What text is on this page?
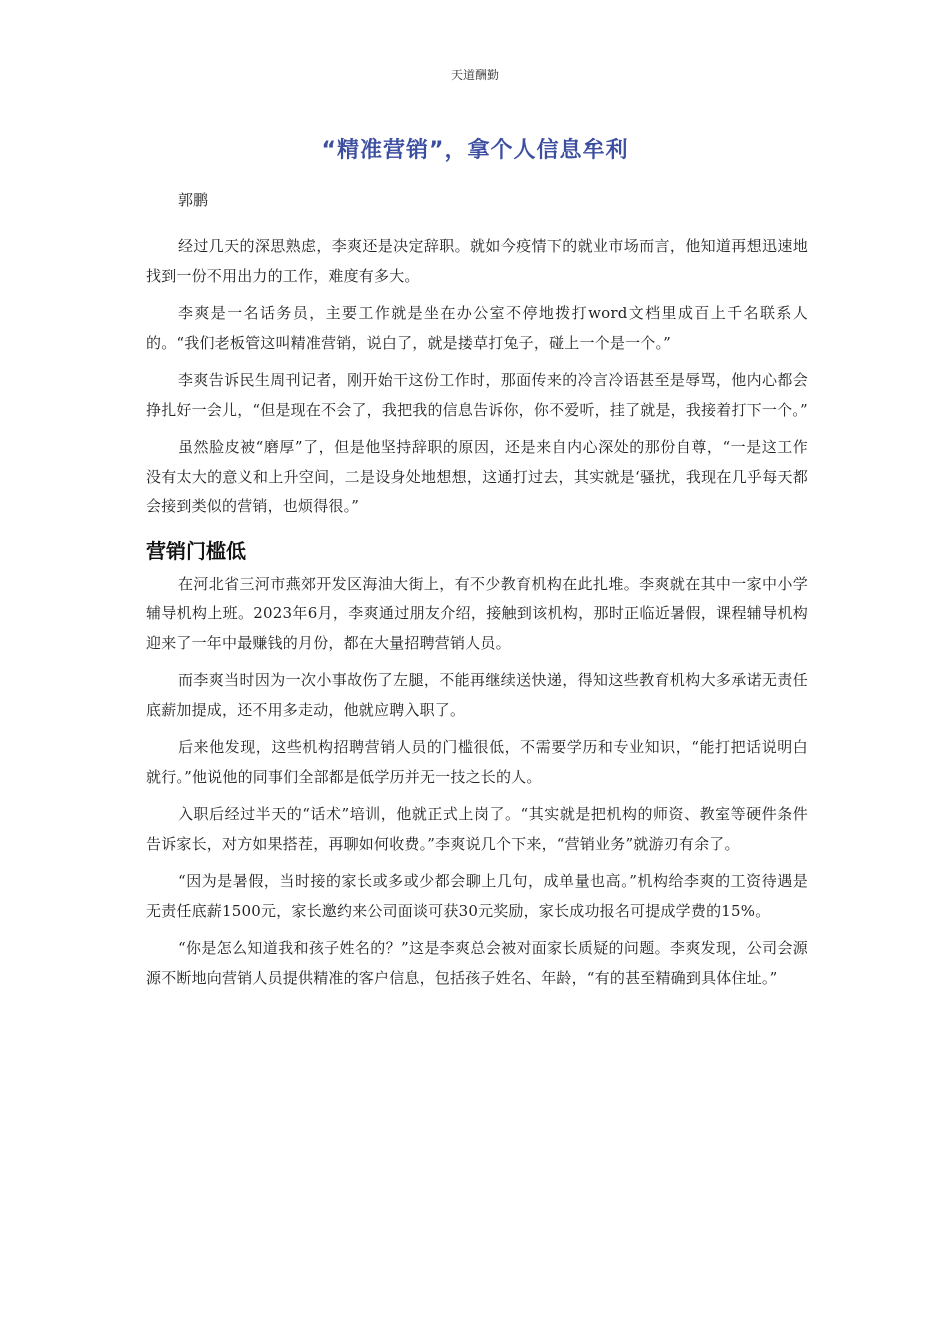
天道酬勤
“精准营销”，拿个人信息牟利

郭鹏

经过几天的深思熟虑，李爽还是决定辞职。就如今疫情下的就业市场而言，他知道再想迅速地找到一份不用出力的工作，难度有多大。

李爽是一名话务员，主要工作就是坐在办公室不停地拨打word文档里成百上千名联系人的。“我们老板管这叫精准营销，说白了，就是搂草打兔子，碰上一个是一个。”

李爽告诉民生周刊记者，刚开始干这份工作时，那面传来的冷言冷语甚至是辱骂，他内心都会挣扎好一会儿，“但是现在不会了，我把我的信息告诉你，你不爱听，挂了就是，我接着打下一个。”

虽然脸皮被“磨厚”了，但是他坚持辞职的原因，还是来自内心深处的那份自尊，“一是这工作没有太大的意义和上升空间，二是设身处地想想，这通打过去，其实就是‘骚扰，我现在几乎每天都会接到类似的营销，也烦得很。”

营销门槛低

在河北省三河市燕郊开发区海油大街上，有不少教育机构在此扎堆。李爽就在其中一家中小学辅导机构上班。2023年6月，李爽通过朋友介绍，接触到该机构，那时正临近暑假，课程辅导机构迎来了一年中最赚钱的月份，都在大量招聘营销人员。

而李爽当时因为一次小事故伤了左腿，不能再继续送快递，得知这些教育机构大多承诺无责任底薪加提成，还不用多走动，他就应聘入职了。

后来他发现，这些机构招聘营销人员的门槛很低，不需要学历和专业知识，“能打把话说明白就行。”他说他的同事们全部都是低学历并无一技之长的人。

入职后经过半天的“话术”培训，他就正式上岗了。“其实就是把机构的师资、教室等硬件条件告诉家长，对方如果搭茬，再聊如何收费。”李爽说几个下来，“营销业务”就游刃有余了。

“因为是暑假，当时接的家长或多或少都会聊上几句，成单量也高。”机构给李爽的工资待遇是无责任底薪1500元，家长邀约来公司面谈可获30元奖励，家长成功报名可提成学费的15%。

“你是怎么知道我和孩子姓名的？”这是李爽总会被对面家长质疑的问题。李爽发现，公司会源源不断地向营销人员提供精准的客户信息，包括孩子姓名、年龄，“有的甚至精确到具体住址。”
